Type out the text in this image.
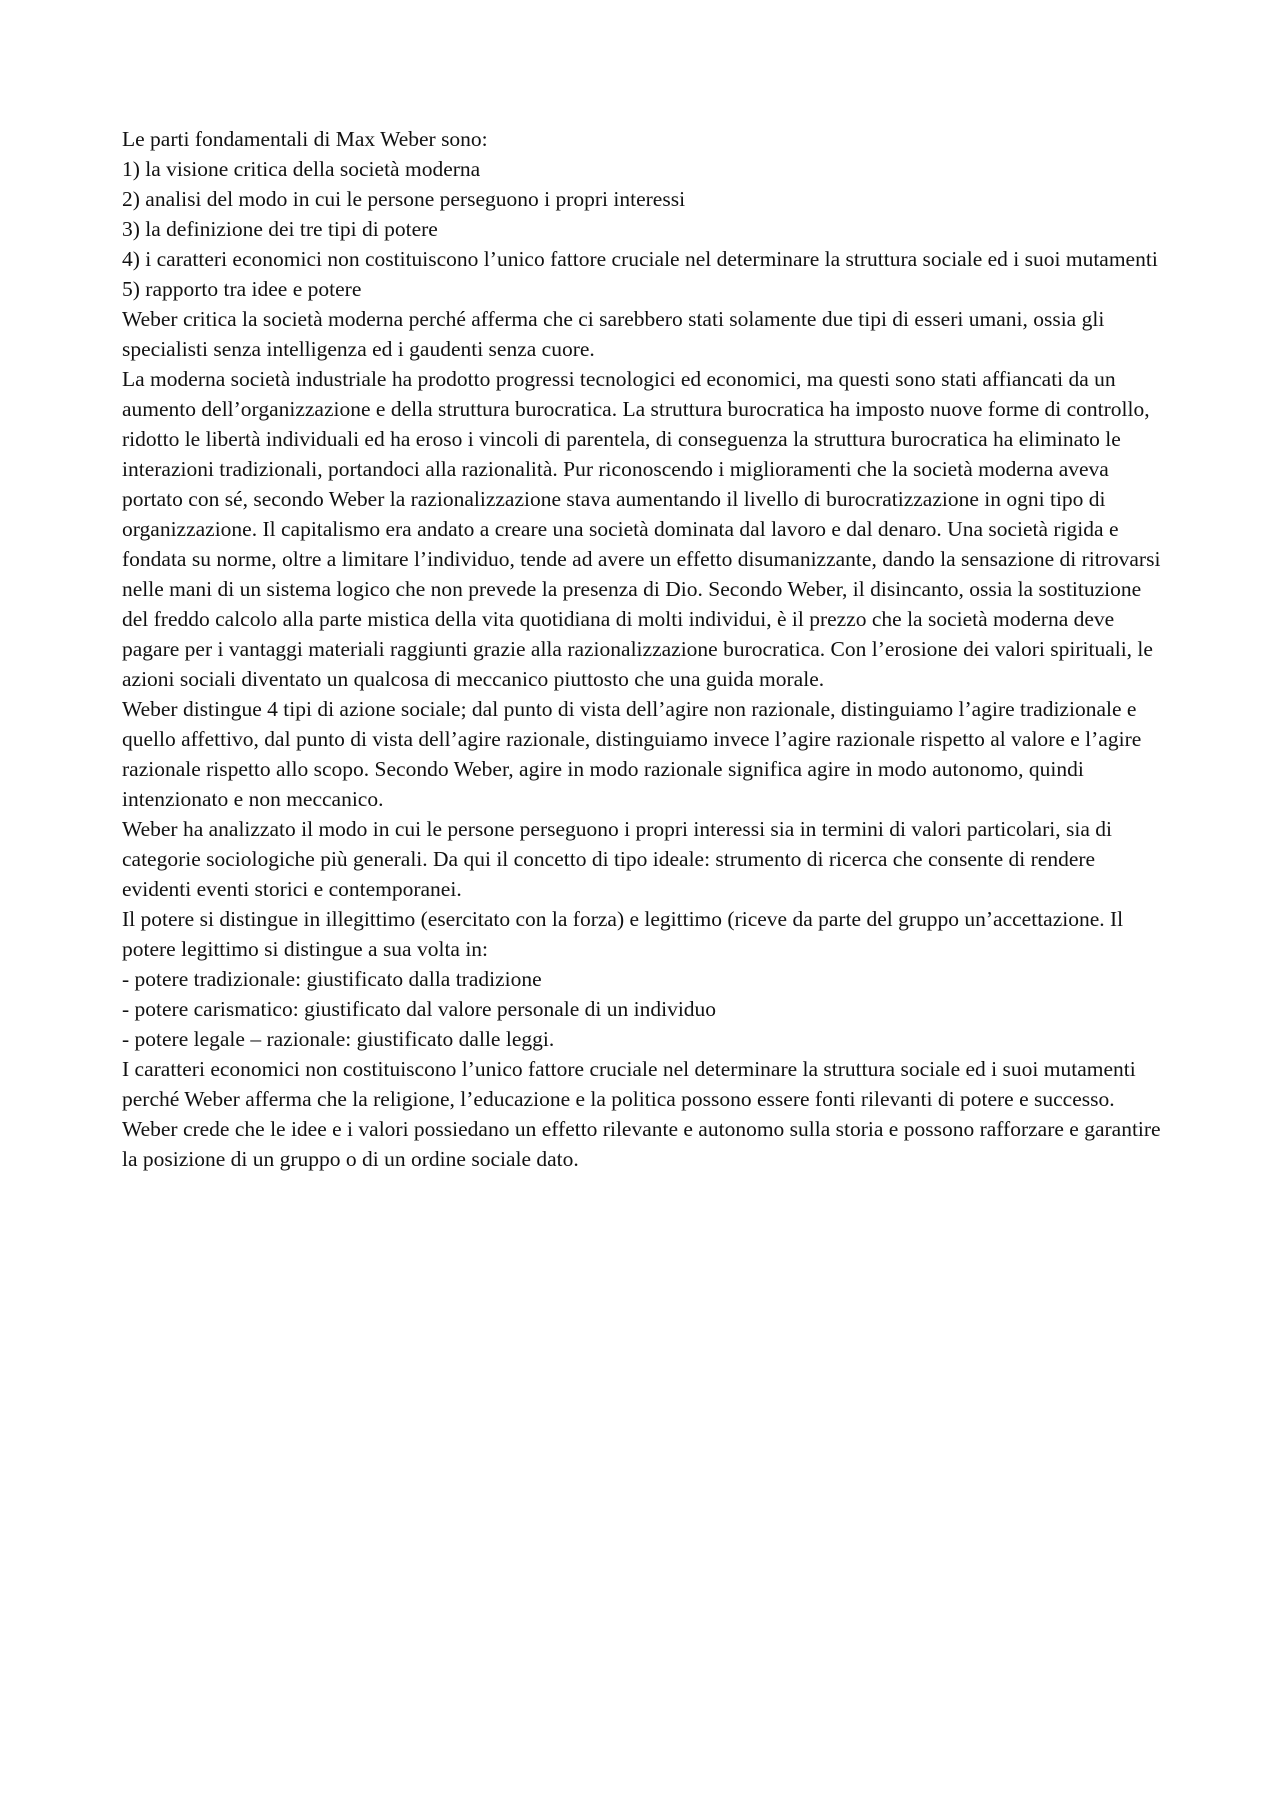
Le parti fondamentali di Max Weber sono:

1) la visione critica della società moderna

2) analisi del modo in cui le persone perseguono i propri interessi

3) la definizione dei tre tipi di potere

4) i caratteri economici non costituiscono l’unico fattore cruciale nel determinare la struttura sociale ed i suoi mutamenti

5) rapporto tra idee e potere

Weber critica la società moderna perché afferma che ci sarebbero stati solamente due tipi di esseri umani, ossia gli specialisti senza intelligenza ed i gaudenti senza cuore.

La moderna società industriale ha prodotto progressi tecnologici ed economici, ma questi sono stati affiancati da un aumento dell’organizzazione e della struttura burocratica. La struttura burocratica ha imposto nuove forme di controllo, ridotto le libertà individuali ed ha eroso i vincoli di parentela, di conseguenza la struttura burocratica ha eliminato le interazioni tradizionali, portandoci alla razionalità. Pur riconoscendo i miglioramenti che la società moderna aveva portato con sé, secondo Weber la razionalizzazione stava aumentando il livello di burocratizzazione in ogni tipo di organizzazione. Il capitalismo era andato a creare una società dominata dal lavoro e dal denaro. Una società rigida e fondata su norme, oltre a limitare l’individuo, tende ad avere un effetto disumanizzante, dando la sensazione di ritrovarsi nelle mani di un sistema logico che non prevede la presenza di Dio. Secondo Weber, il disincanto, ossia la sostituzione del freddo calcolo alla parte mistica della vita quotidiana di molti individui, è il prezzo che la società moderna deve pagare per i vantaggi materiali raggiunti grazie alla razionalizzazione burocratica. Con l’erosione dei valori spirituali, le azioni sociali diventato un qualcosa di meccanico piuttosto che una guida morale.

Weber distingue 4 tipi di azione sociale; dal punto di vista dell’agire non razionale, distinguiamo l’agire tradizionale e quello affettivo, dal punto di vista dell’agire razionale, distinguiamo invece l’agire razionale rispetto al valore e l’agire razionale rispetto allo scopo. Secondo Weber, agire in modo razionale significa agire in modo autonomo, quindi intenzionato e non meccanico.

Weber ha analizzato il modo in cui le persone perseguono i propri interessi sia in termini di valori particolari, sia di categorie sociologiche più generali. Da qui il concetto di tipo ideale: strumento di ricerca che consente di rendere evidenti eventi storici e contemporanei.

Il potere si distingue in illegittimo (esercitato con la forza) e legittimo (riceve da parte del gruppo un’accettazione. Il potere legittimo si distingue a sua volta in:

- potere tradizionale: giustificato dalla tradizione

- potere carismatico: giustificato dal valore personale di un individuo

- potere legale – razionale: giustificato dalle leggi.

I caratteri economici non costituiscono l’unico fattore cruciale nel determinare la struttura sociale ed i suoi mutamenti perché Weber afferma che la religione, l’educazione e la politica possono essere fonti rilevanti di potere e successo.

Weber crede che le idee e i valori possiedano un effetto rilevante e autonomo sulla storia e possono rafforzare e garantire la posizione di un gruppo o di un ordine sociale dato.
